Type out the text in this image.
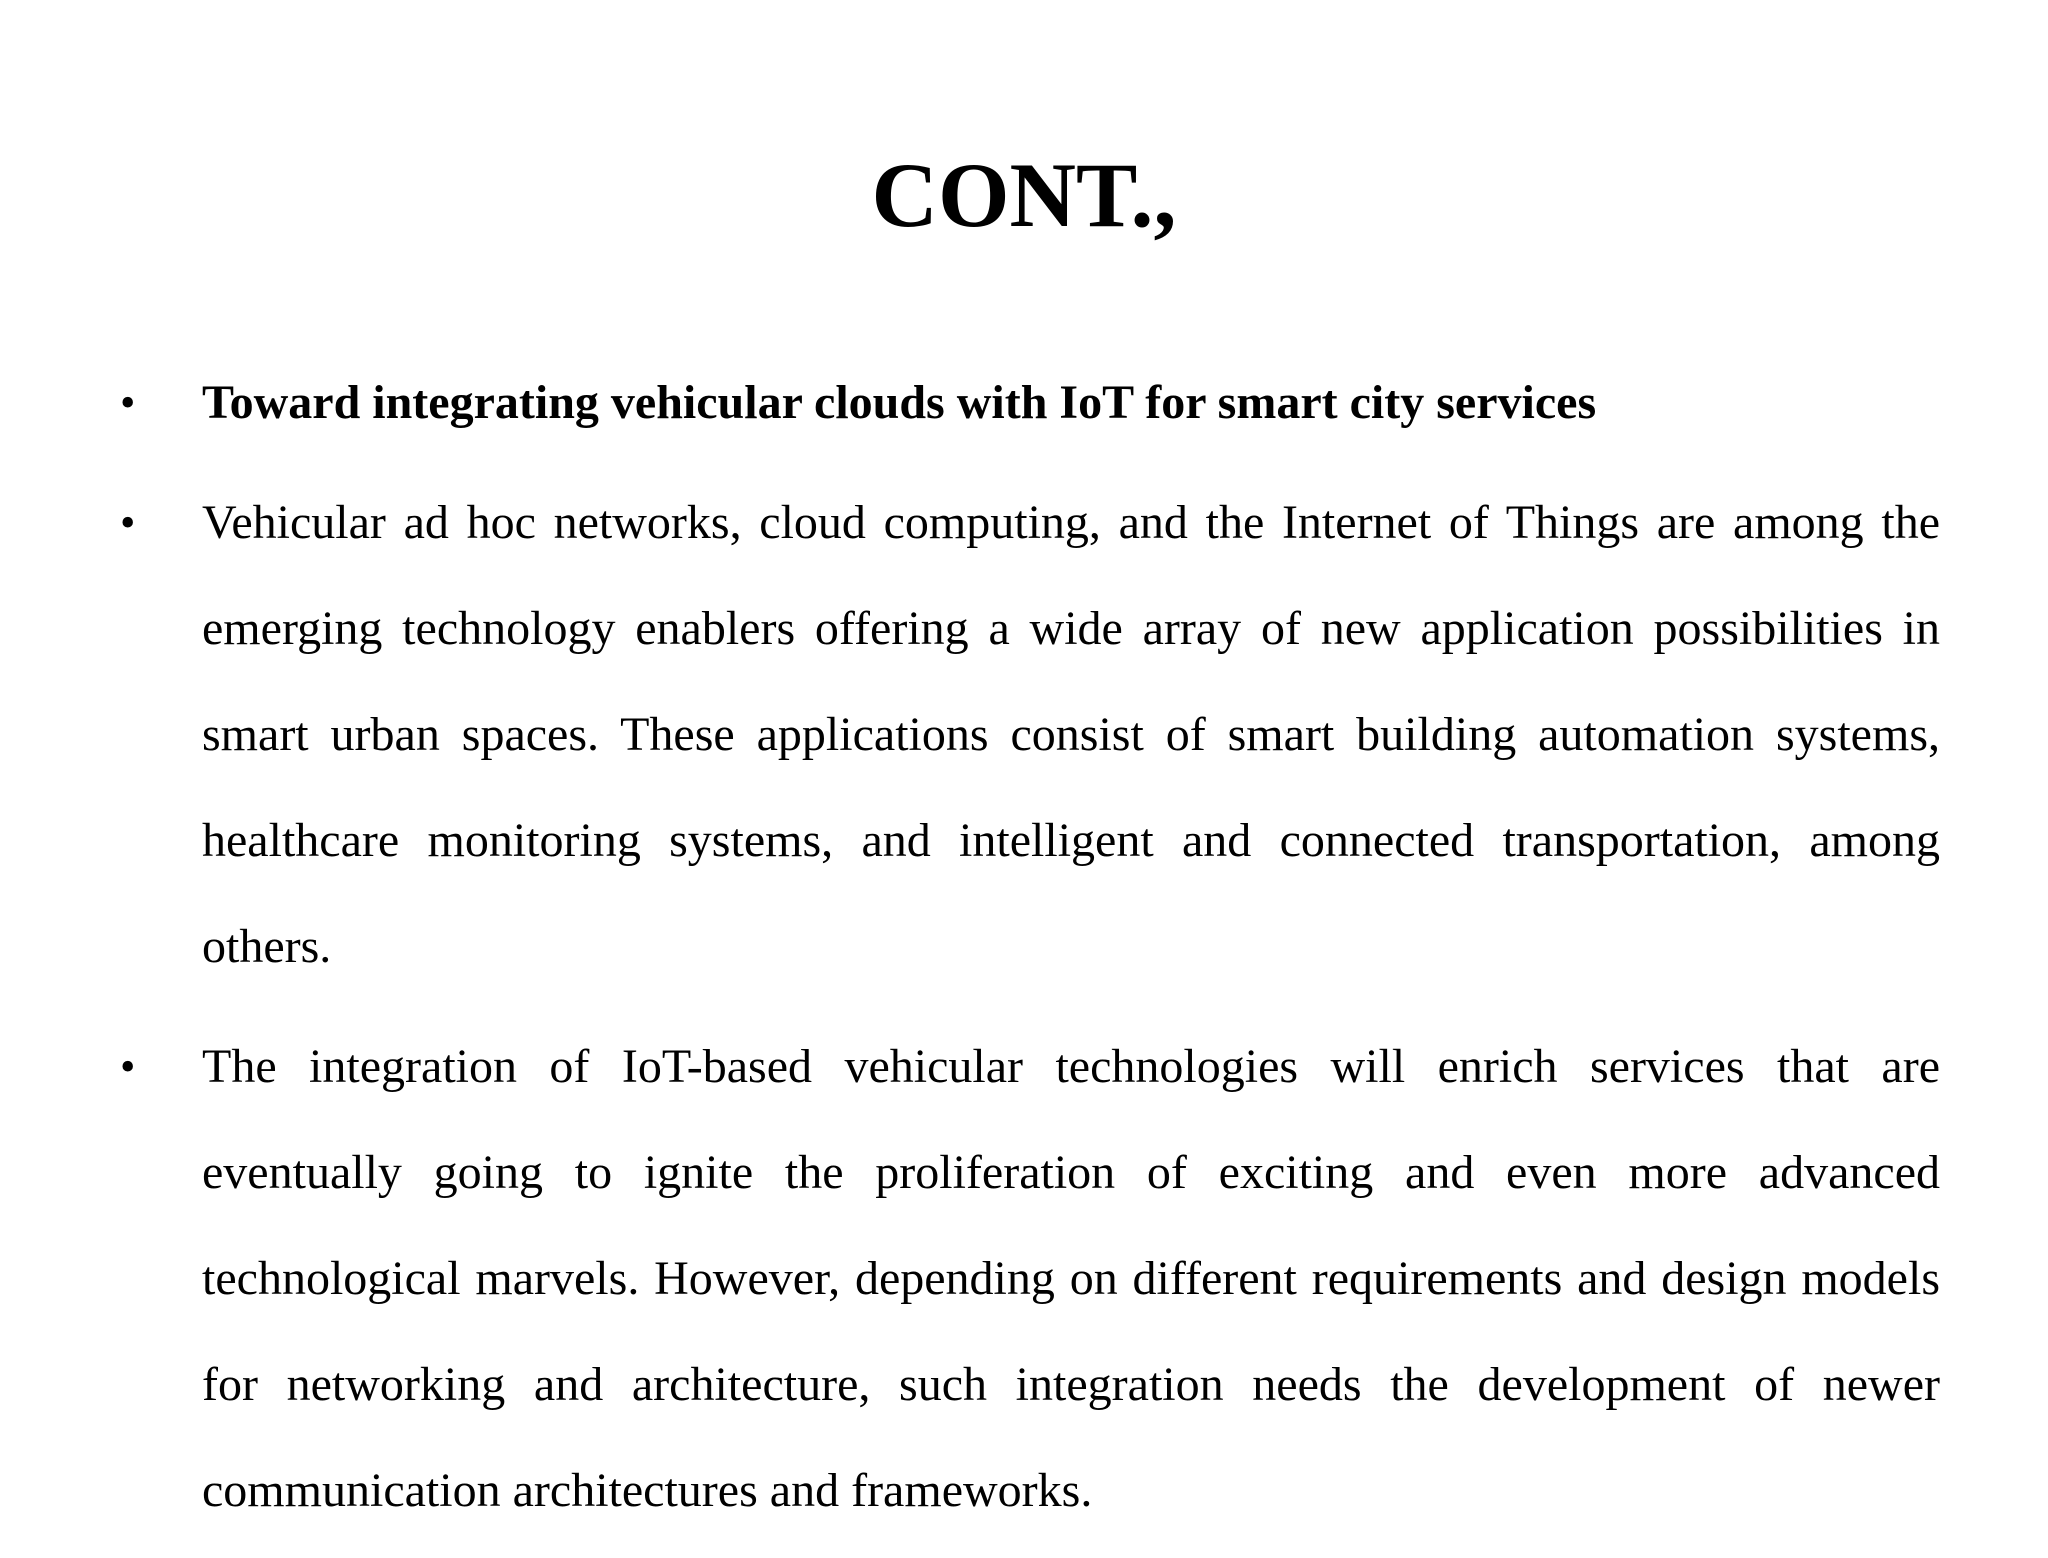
CONT.,
•	Toward integrating vehicular clouds with IoT for smart city services
•	Vehicular ad hoc networks, cloud computing, and the Internet of Things are among the emerging technology enablers offering a wide array of new application possibilities in smart urban spaces. These applications consist of smart building automation systems, healthcare monitoring systems, and intelligent and connected transportation, among others.
•	The integration of IoT-based vehicular technologies will enrich services that are eventually going to ignite the proliferation of exciting and even more advanced technological marvels. However, depending on different requirements and design models for networking and architecture, such integration needs the development of newer communication architectures and frameworks.
